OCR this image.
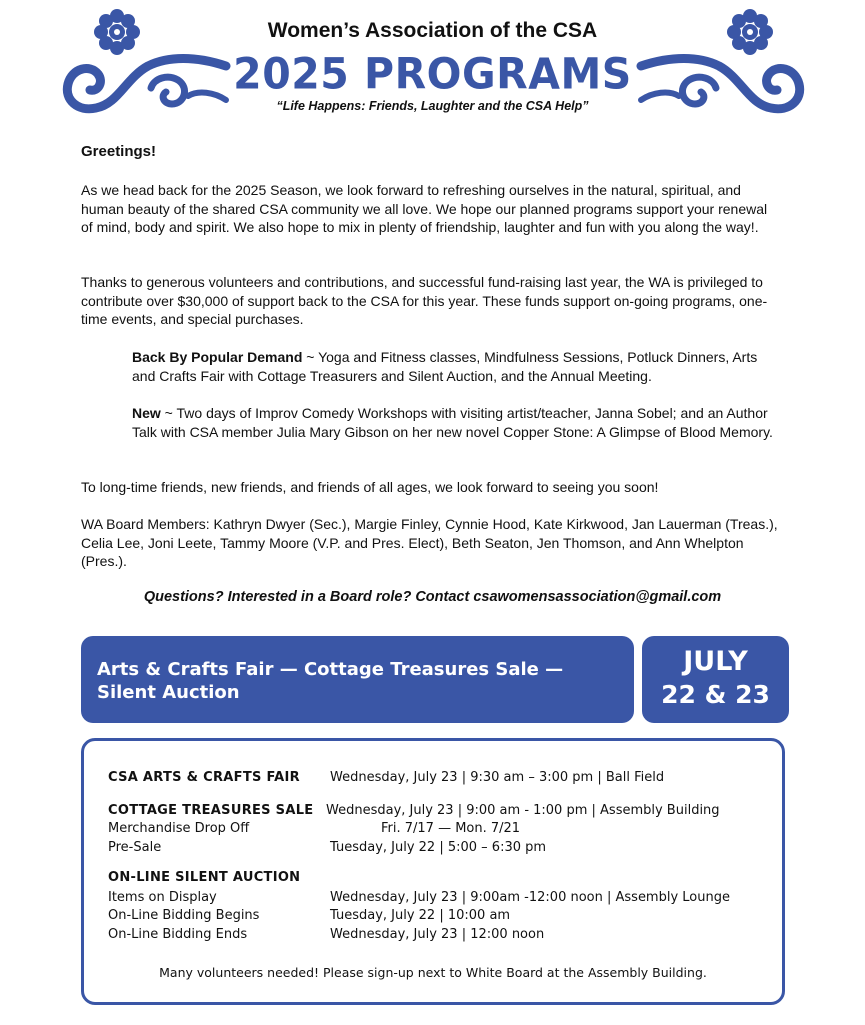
Women’s Association of the CSA
2025 PROGRAMS
“Life Happens: Friends, Laughter and the CSA Help”
Greetings!
As we head back for the 2025 Season, we look forward to refreshing ourselves in the natural, spiritual, and human beauty of the shared CSA community we all love. We hope our planned programs support your renewal of mind, body and spirit. We also hope to mix in plenty of friendship, laughter and fun with you along the way!.
Thanks to generous volunteers and contributions, and successful fund-raising last year, the WA is privileged to contribute over $30,000 of support back to the CSA for this year. These funds support on-going programs, one-time events, and special purchases.
Back By Popular Demand ~ Yoga and Fitness classes, Mindfulness Sessions, Potluck Dinners, Arts and Crafts Fair with Cottage Treasurers and Silent Auction, and the Annual Meeting.
New ~ Two days of Improv Comedy Workshops with visiting artist/teacher, Janna Sobel; and an Author Talk with CSA member Julia Mary Gibson on her new novel Copper Stone: A Glimpse of Blood Memory.
To long-time friends, new friends, and friends of all ages, we look forward to seeing you soon!
WA Board Members: Kathryn Dwyer (Sec.), Margie Finley, Cynnie Hood, Kate Kirkwood, Jan Lauerman (Treas.), Celia Lee, Joni Leete, Tammy Moore (V.P. and Pres. Elect), Beth Seaton, Jen Thomson, and Ann Whelpton (Pres.).
Questions? Interested in a Board role? Contact csawomensassociation@gmail.com
Arts & Crafts Fair — Cottage Treasures Sale — Silent Auction
JULY
22 & 23
CSA ARTS & CRAFTS FAIR Wednesday, July 23 | 9:30 am – 3:00 pm | Ball Field
COTTAGE TREASURES SALE Wednesday, July 23 | 9:00 am - 1:00 pm | Assembly Building
Merchandise Drop Off	Fri. 7/17 — Mon. 7/21
Pre-Sale	Tuesday, July 22 | 5:00 – 6:30 pm
ON-LINE SILENT AUCTION
Items on Display	Wednesday, July 23 | 9:00am -12:00 noon | Assembly Lounge
On-Line Bidding Begins	Tuesday, July 22 | 10:00 am
On-Line Bidding Ends	Wednesday, July 23 | 12:00 noon
Many volunteers needed! Please sign-up next to White Board at the Assembly Building.
